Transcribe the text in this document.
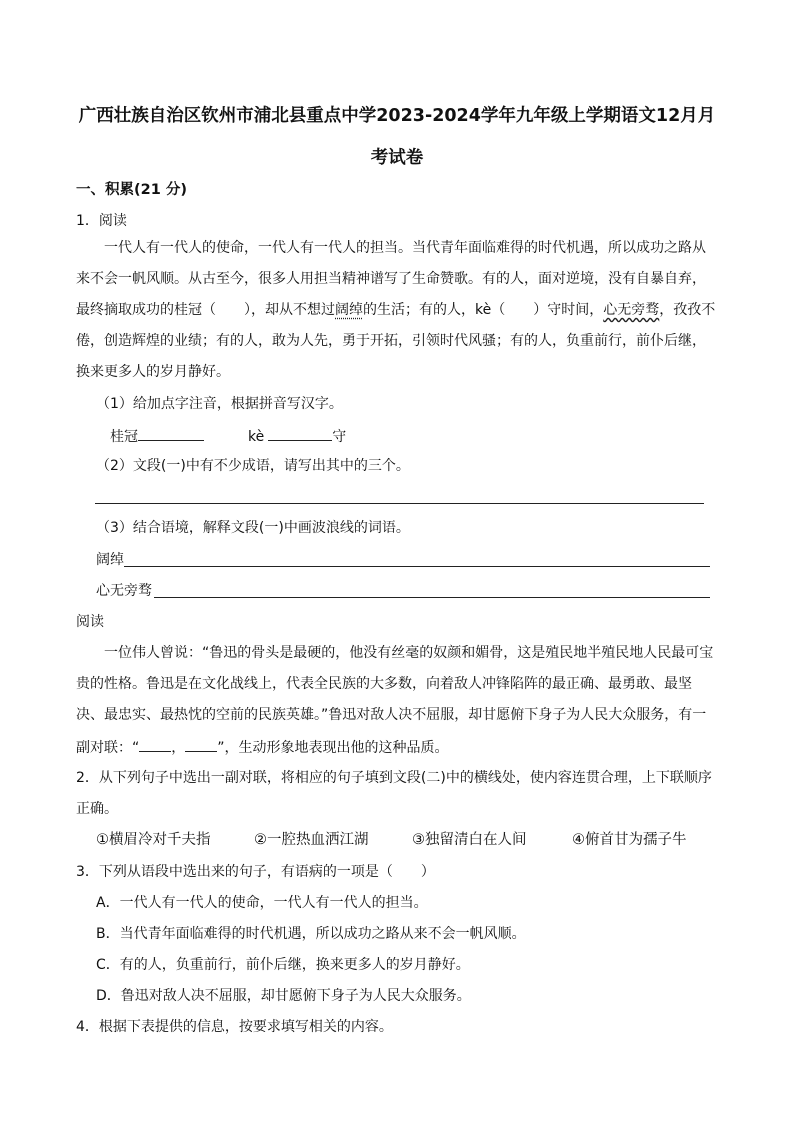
广西壮族自治区钦州市浦北县重点中学2023-2024学年九年级上学期语文12月月
考试卷
一、积累(21 分)
1．阅读
一代人有一代人的使命，一代人有一代人的担当。当代青年面临难得的时代机遇，所以成功之路从
来不会一帆风顺。从古至今，很多人用担当精神谱写了生命赞歌。有的人，面对逆境，没有自暴自弃，
最终摘取成功的桂冠（　　），却从不想过阔绰的生活；有的人，kè（　　）守时间，心无旁骛，孜孜不
倦，创造辉煌的业绩；有的人，敢为人先，勇于开拓，引领时代风骚；有的人，负重前行，前仆后继，
换来更多人的岁月静好。
（1）给加点字注音，根据拼音写汉字。
桂冠	kè	守
（2）文段(一)中有不少成语，请写出其中的三个。
（3）结合语境，解释文段(一)中画波浪线的词语。
阔绰
心无旁骛
阅读
一位伟人曾说：“鲁迅的骨头是最硬的，他没有丝毫的奴颜和媚骨，这是殖民地半殖民地人民最可宝
贵的性格。鲁迅是在文化战线上，代表全民族的大多数，向着敌人冲锋陷阵的最正确、最勇敢、最坚
决、最忠实、最热忱的空前的民族英雄。”鲁迅对敌人决不屈服，却甘愿俯下身子为人民大众服务，有一
副对联：“ ， ”，生动形象地表现出他的这种品质。
2．从下列句子中选出一副对联，将相应的句子填到文段(二)中的横线处，使内容连贯合理，上下联顺序
正确。
①横眉冷对千夫指	②一腔热血洒江湖	③独留清白在人间	④俯首甘为孺子牛
3．下列从语段中选出来的句子，有语病的一项是（　　）
A．一代人有一代人的使命，一代人有一代人的担当。
B．当代青年面临难得的时代机遇，所以成功之路从来不会一帆风顺。
C．有的人，负重前行，前仆后继，换来更多人的岁月静好。
D．鲁迅对敌人决不屈服，却甘愿俯下身子为人民大众服务。
4．根据下表提供的信息，按要求填写相关的内容。
